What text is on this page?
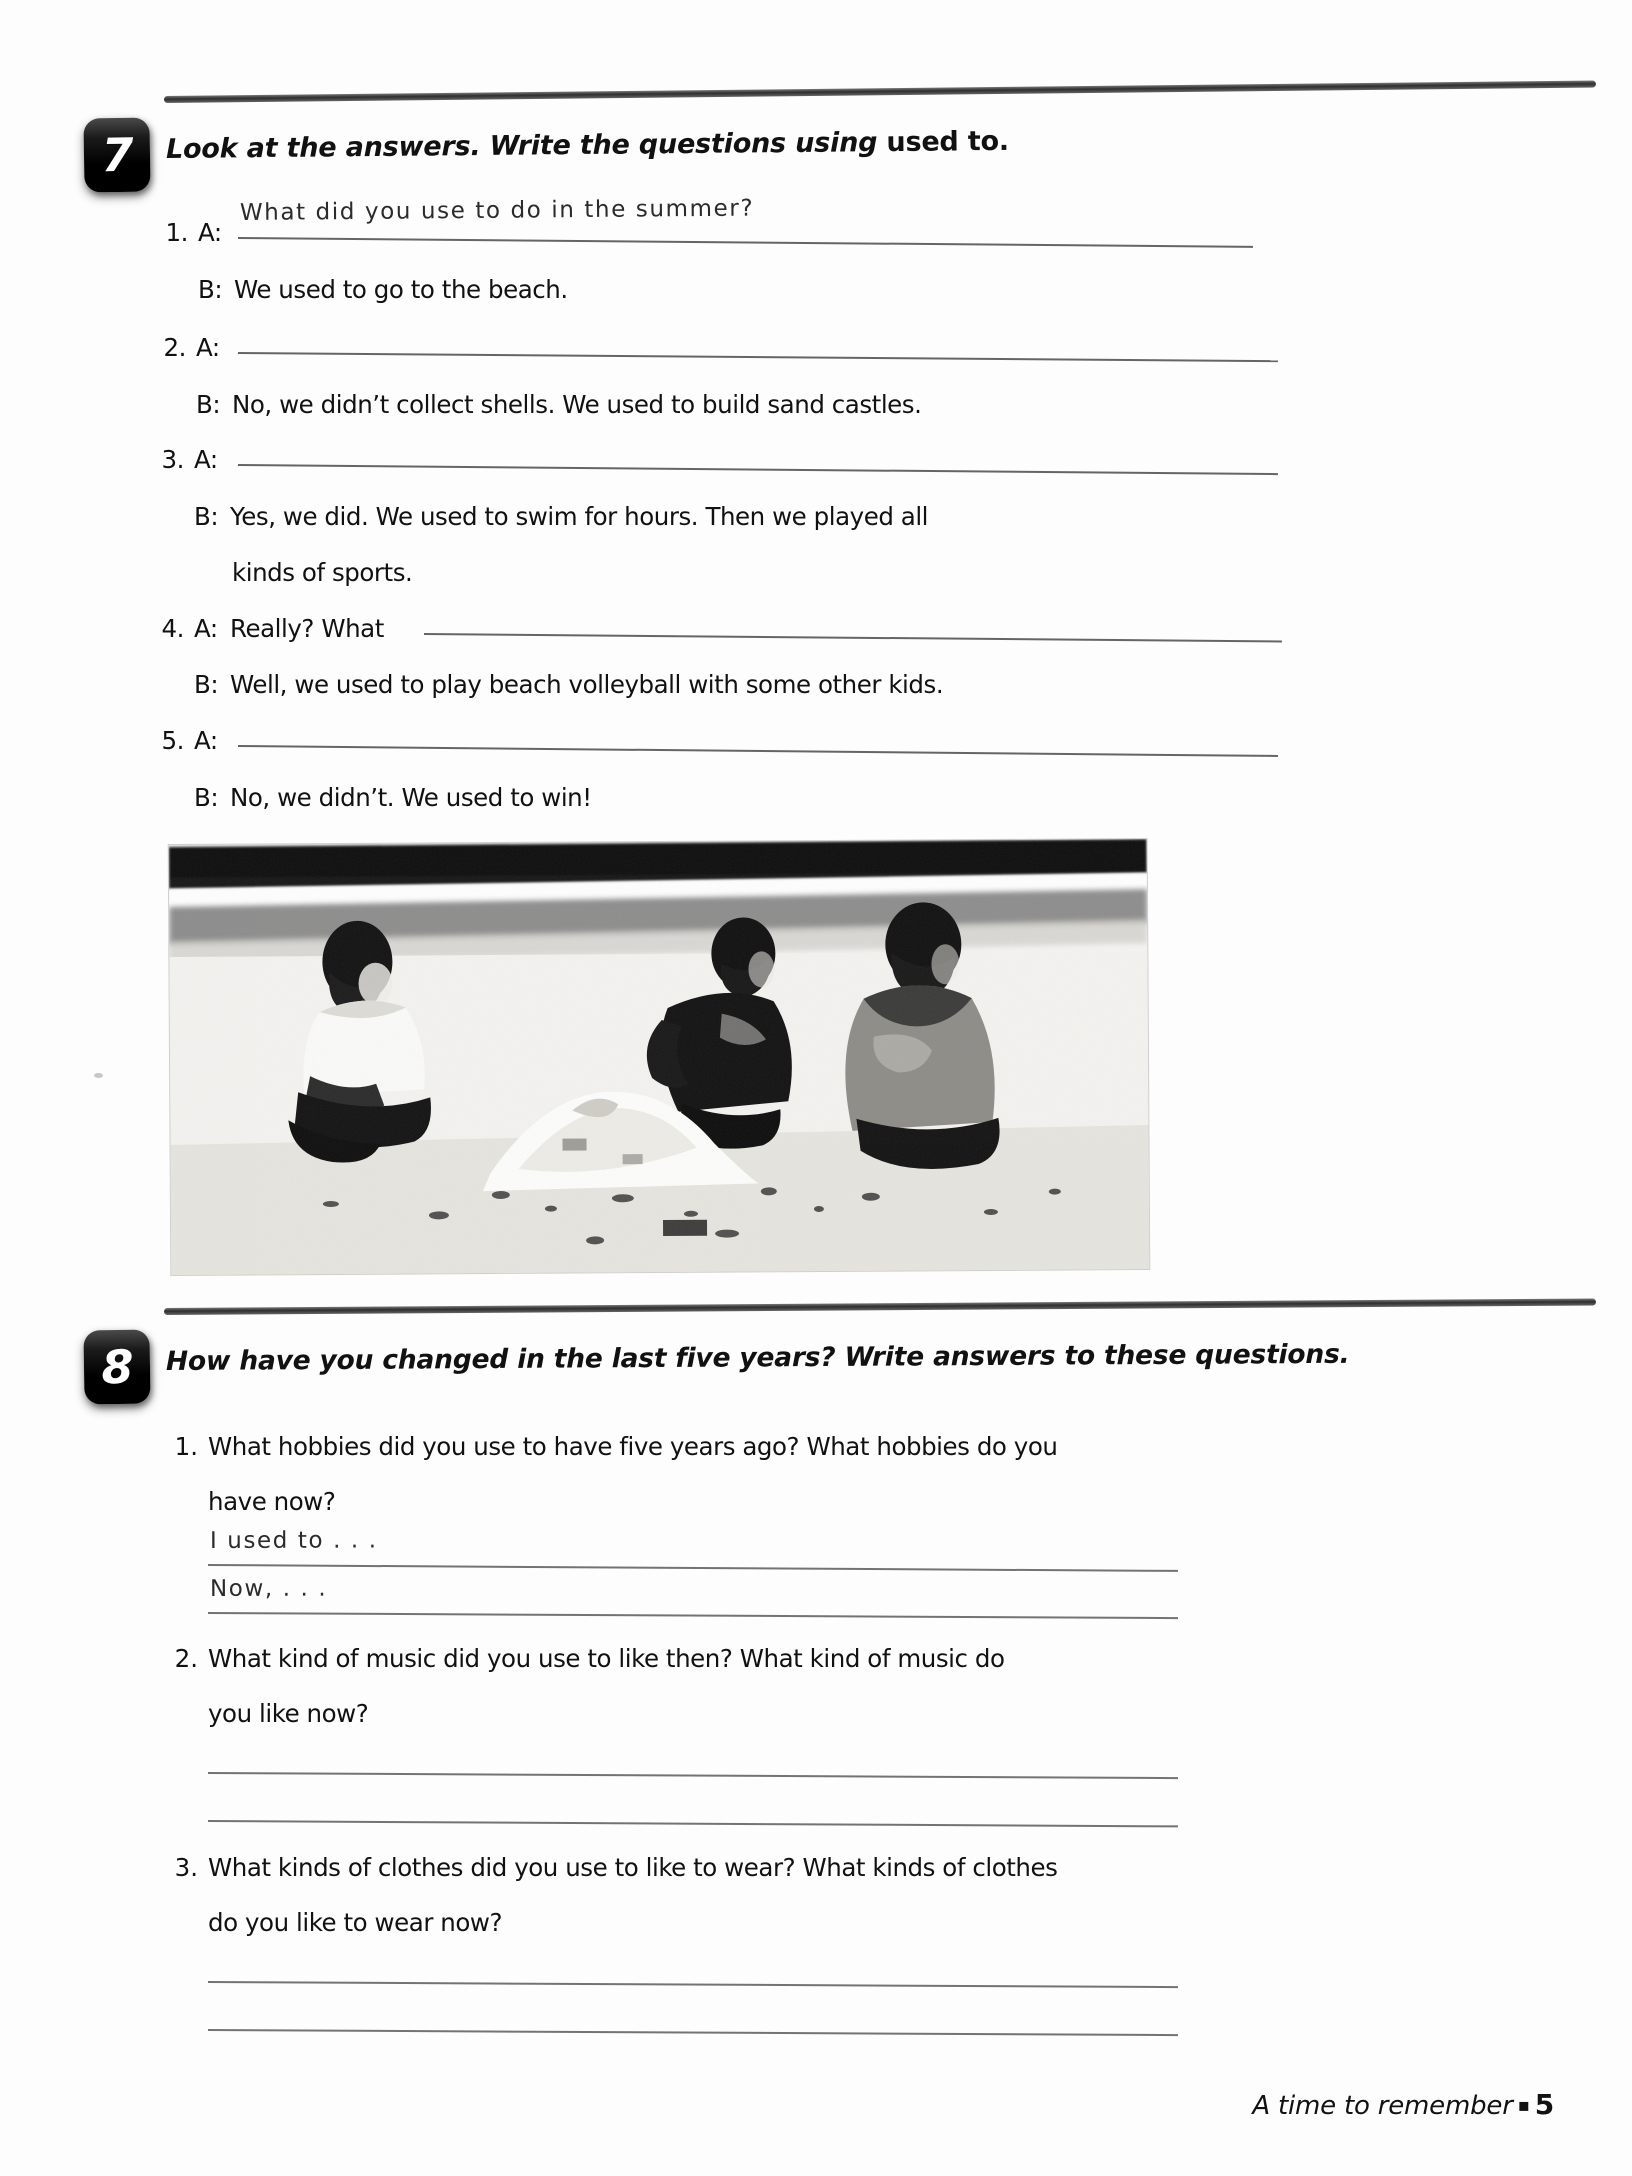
7 Look at the answers. Write the questions using used to.
1. A:
What did you use to do in the summer?
B: We used to go to the beach.
2. A:
B: No, we didn’t collect shells. We used to build sand castles.
3. A:
B: Yes, we did. We used to swim for hours. Then we played all
kinds of sports.
4. A: Really? What
B: Well, we used to play beach volleyball with some other kids.
5. A:
B: No, we didn’t. We used to win!
8 How have you changed in the last five years? Write answers to these questions.
1. What hobbies did you use to have five years ago? What hobbies do you
have now?
I used to . . .
Now, . . .
2. What kind of music did you use to like then? What kind of music do
you like now?
3. What kinds of clothes did you use to like to wear? What kinds of clothes
do you like to wear now?
A time to remember ▪ 5
